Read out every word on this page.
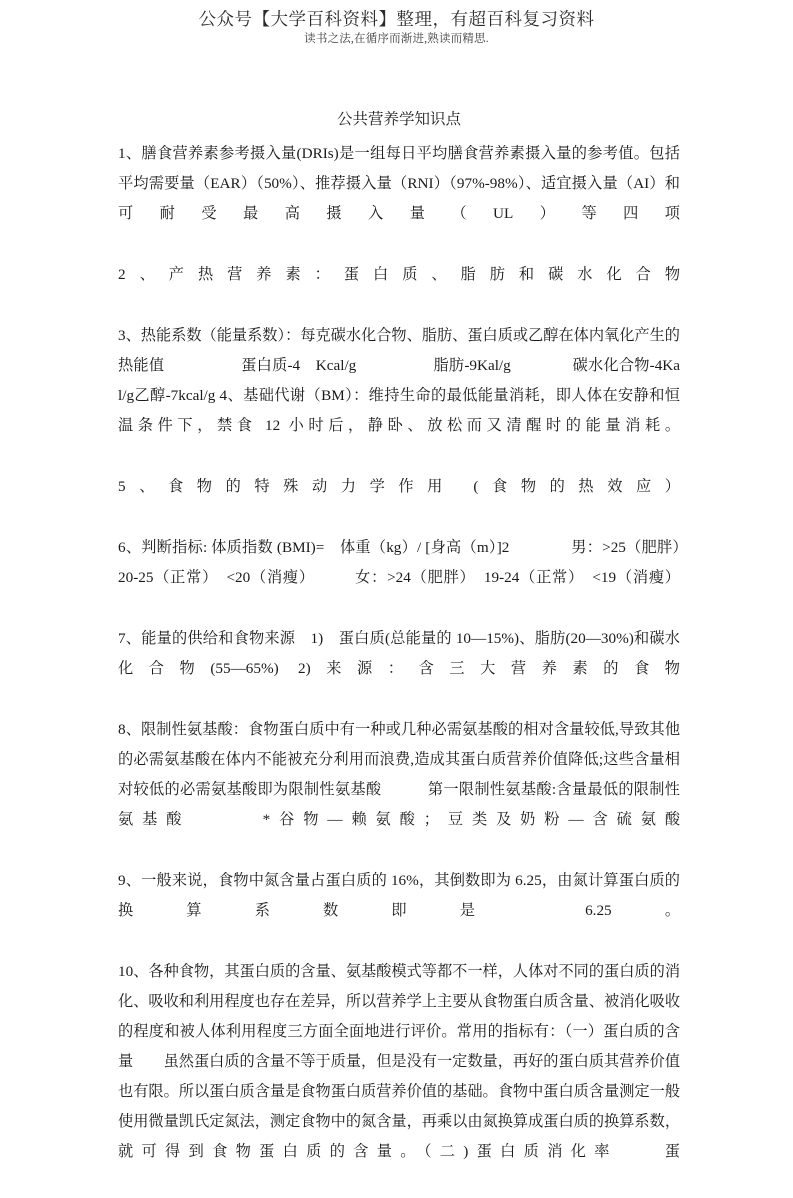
公众号【大学百科资料】整理，有超百科复习资料
读书之法,在循序而渐进,熟读而精思.
公共营养学知识点

1、膳食营养素参考摄入量(DRIs)是一组每日平均膳食营养素摄入量的参考值。包括平均需要量（EAR）（50%）、推荐摄入量（RNI）（97%-98%）、适宜摄入量（AI）和可耐受最高摄入量（UL）等四项

2、产热营养素：蛋白质、脂肪和碳水化合物

3、热能系数（能量系数）：每克碳水化合物、脂肪、蛋白质或乙醇在体内氧化产生的热能值　　　　　蛋白质-4　Kcal/g　　　　　脂肪-9Kal/g　　　　碳水化合物-4Kal/g乙醇-7kcal/g 4、基础代谢（BM）：维持生命的最低能量消耗，即人体在安静和恒温条件下，禁食 12 小时后，静卧、放松而又清醒时的能量消耗。

5、食物的特殊动力学作用 (食物的热效应）

6、判断指标: 体质指数 (BMI)=　体重（kg）/ [身高（m）]2　　　　男：>25（肥胖）　20-25（正常）　<20（消瘦）　　　女：>24（肥胖）　19-24（正常）　<19（消瘦）

7、能量的供给和食物来源　1)　蛋白质(总能量的 10—15%)、脂肪(20—30%)和碳水化合物(55—65%) 2)来源：含三大营养素的食物

8、限制性氨基酸：食物蛋白质中有一种或几种必需氨基酸的相对含量较低,导致其他的必需氨基酸在体内不能被充分利用而浪费,造成其蛋白质营养价值降低;这些含量相对较低的必需氨基酸即为限制性氨基酸　　　第一限制性氨基酸:含量最低的限制性氨基酸　　　*谷物—赖氨酸；豆类及奶粉—含硫氨酸

9、一般来说，食物中氮含量占蛋白质的 16%，其倒数即为 6.25，由氮计算蛋白质的换算系数即是 6.25。

10、各种食物，其蛋白质的含量、氨基酸模式等都不一样，人体对不同的蛋白质的消化、吸收和利用程度也存在差异，所以营养学上主要从食物蛋白质含量、被消化吸收的程度和被人体利用程度三方面全面地进行评价。常用的指标有：（一）蛋白质的含量　　虽然蛋白质的含量不等于质量，但是没有一定数量，再好的蛋白质其营养价值也有限。所以蛋白质含量是食物蛋白质营养价值的基础。食物中蛋白质含量测定一般使用微量凯氏定氮法，测定食物中的氮含量，再乘以由氮换算成蛋白质的换算系数，就可得到食物蛋白质的含量。（二)蛋白质消化率　　蛋
